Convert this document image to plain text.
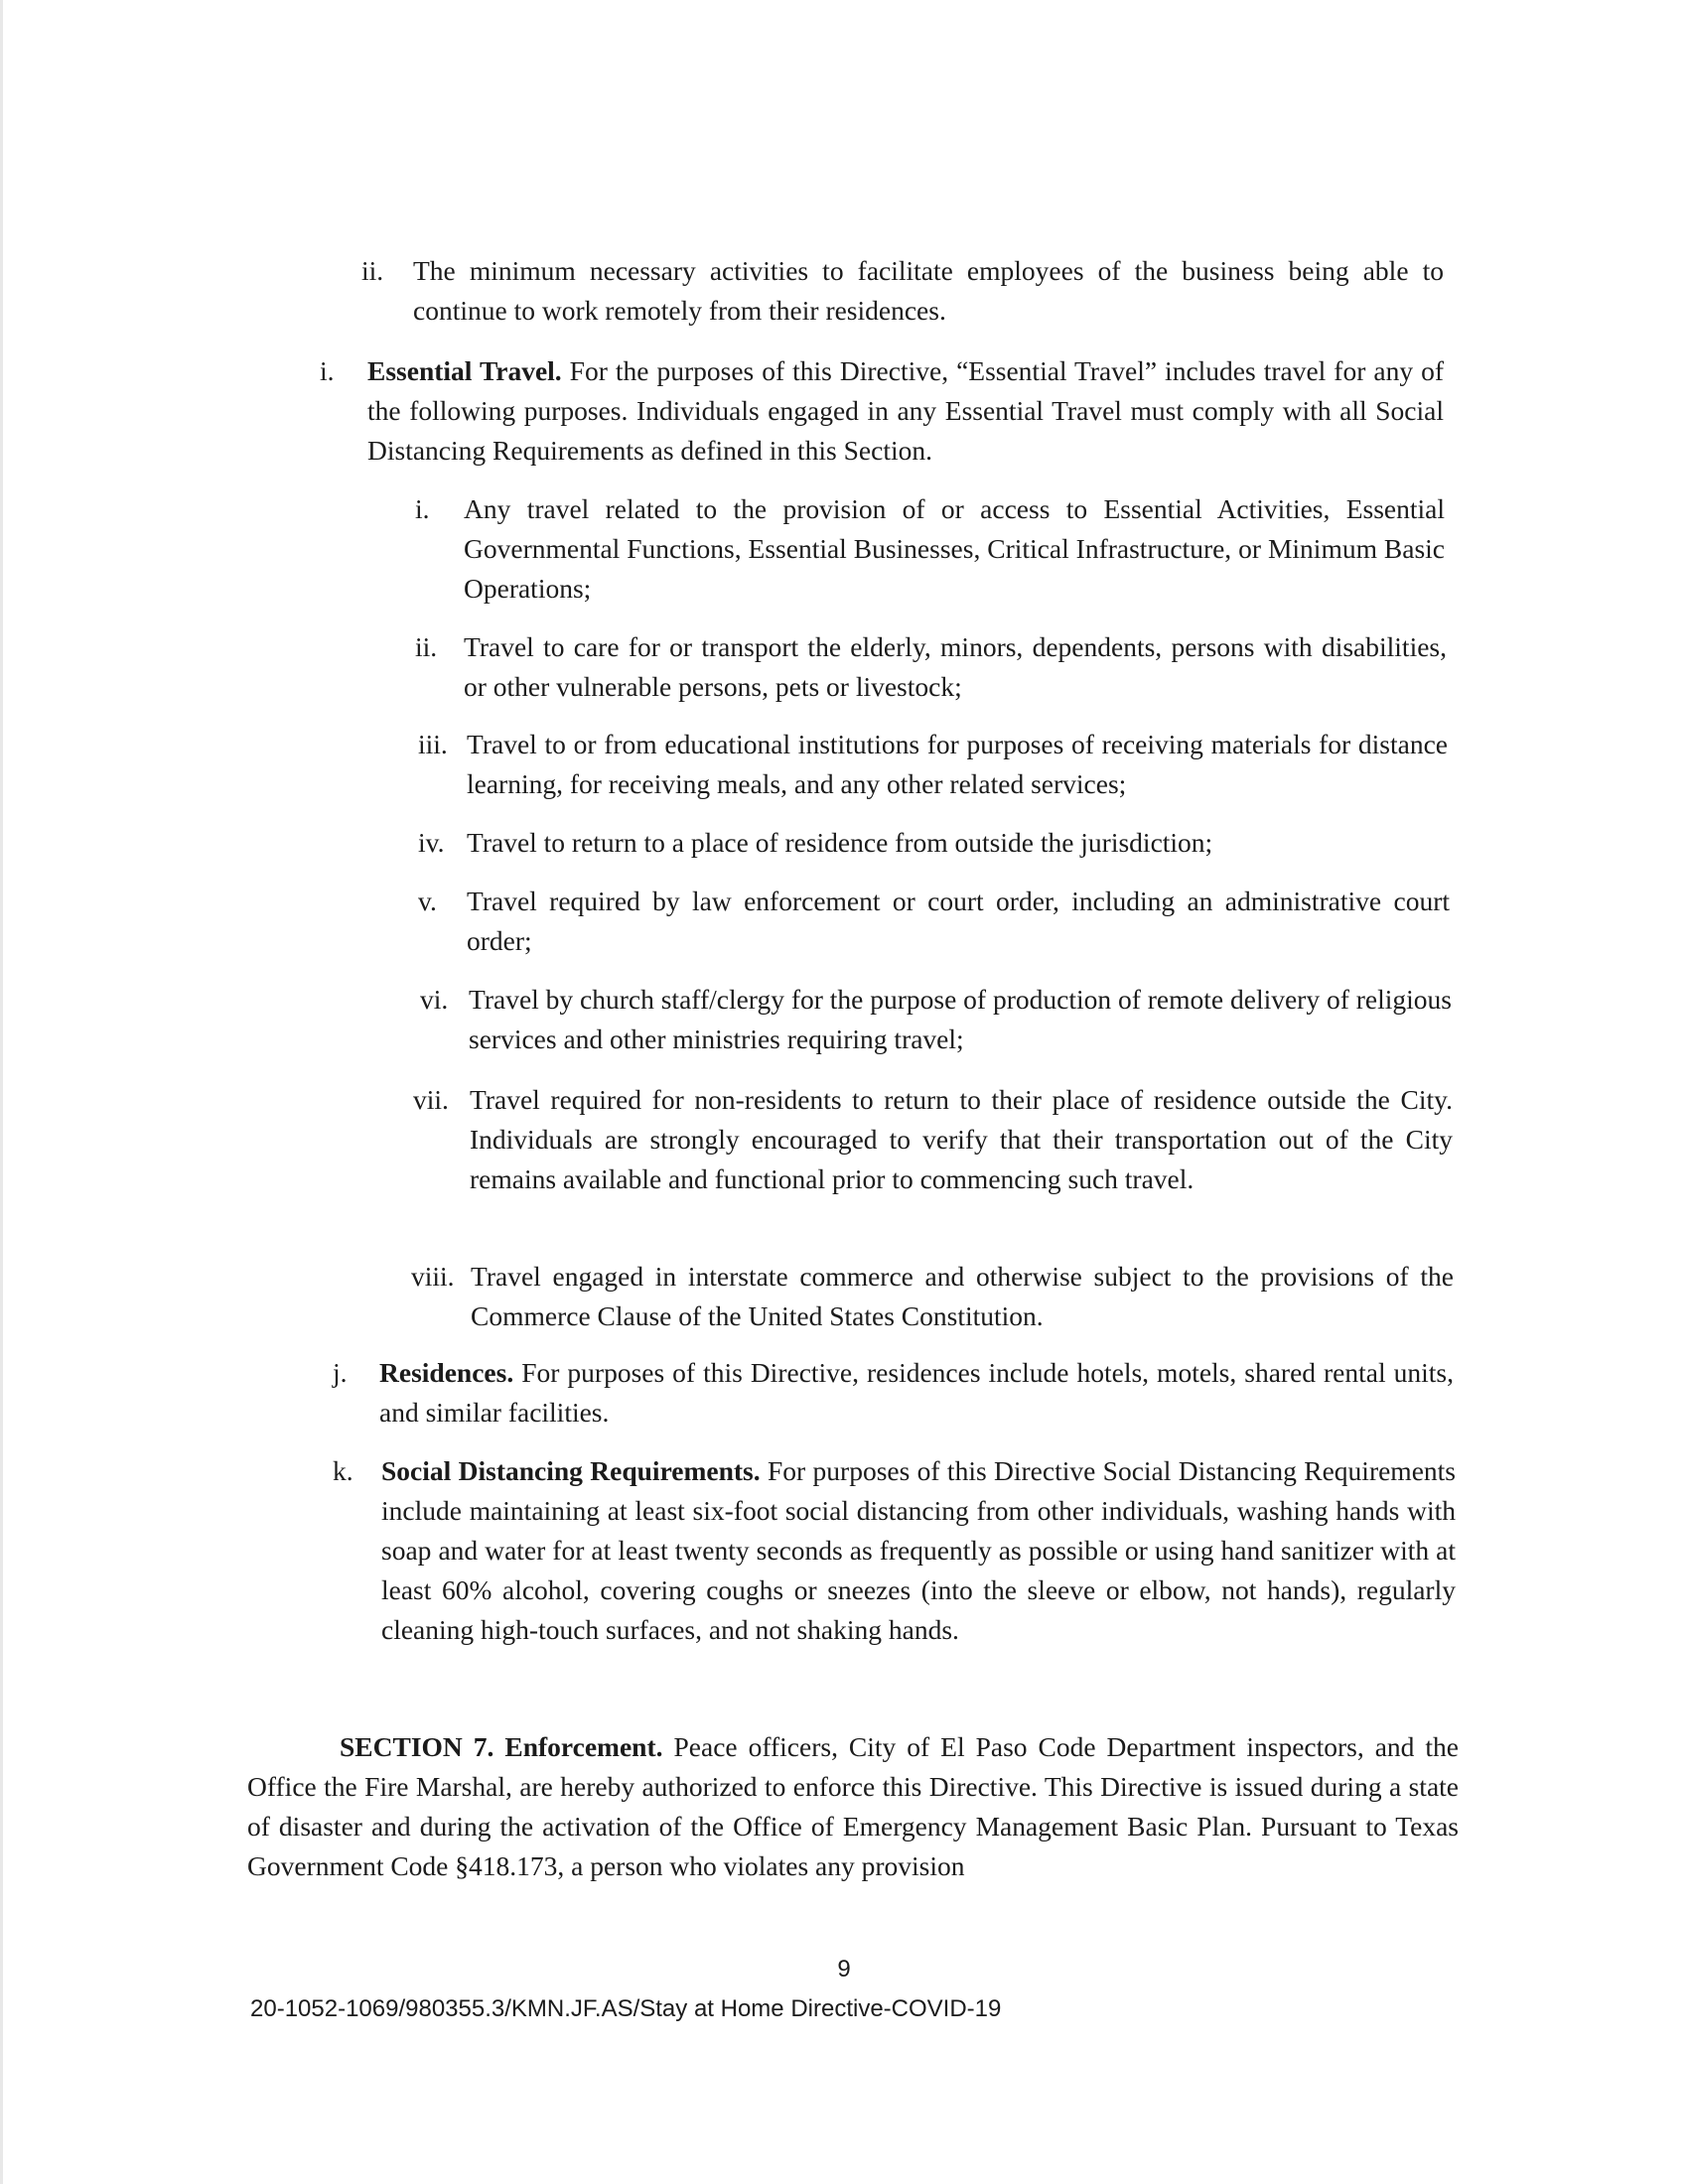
ii. The minimum necessary activities to facilitate employees of the business being able to continue to work remotely from their residences.
i. Essential Travel. For the purposes of this Directive, “Essential Travel” includes travel for any of the following purposes. Individuals engaged in any Essential Travel must comply with all Social Distancing Requirements as defined in this Section.
i. Any travel related to the provision of or access to Essential Activities, Essential Governmental Functions, Essential Businesses, Critical Infrastructure, or Minimum Basic Operations;
ii. Travel to care for or transport the elderly, minors, dependents, persons with disabilities, or other vulnerable persons, pets or livestock;
iii. Travel to or from educational institutions for purposes of receiving materials for distance learning, for receiving meals, and any other related services;
iv. Travel to return to a place of residence from outside the jurisdiction;
v. Travel required by law enforcement or court order, including an administrative court order;
vi. Travel by church staff/clergy for the purpose of production of remote delivery of religious services and other ministries requiring travel;
vii. Travel required for non-residents to return to their place of residence outside the City. Individuals are strongly encouraged to verify that their transportation out of the City remains available and functional prior to commencing such travel.
viii. Travel engaged in interstate commerce and otherwise subject to the provisions of the Commerce Clause of the United States Constitution.
j. Residences. For purposes of this Directive, residences include hotels, motels, shared rental units, and similar facilities.
k. Social Distancing Requirements. For purposes of this Directive Social Distancing Requirements include maintaining at least six-foot social distancing from other individuals, washing hands with soap and water for at least twenty seconds as frequently as possible or using hand sanitizer with at least 60% alcohol, covering coughs or sneezes (into the sleeve or elbow, not hands), regularly cleaning high-touch surfaces, and not shaking hands.
SECTION 7. Enforcement. Peace officers, City of El Paso Code Department inspectors, and the Office the Fire Marshal, are hereby authorized to enforce this Directive. This Directive is issued during a state of disaster and during the activation of the Office of Emergency Management Basic Plan. Pursuant to Texas Government Code §418.173, a person who violates any provision
9
20-1052-1069/980355.3/KMN.JF.AS/Stay at Home Directive-COVID-19
